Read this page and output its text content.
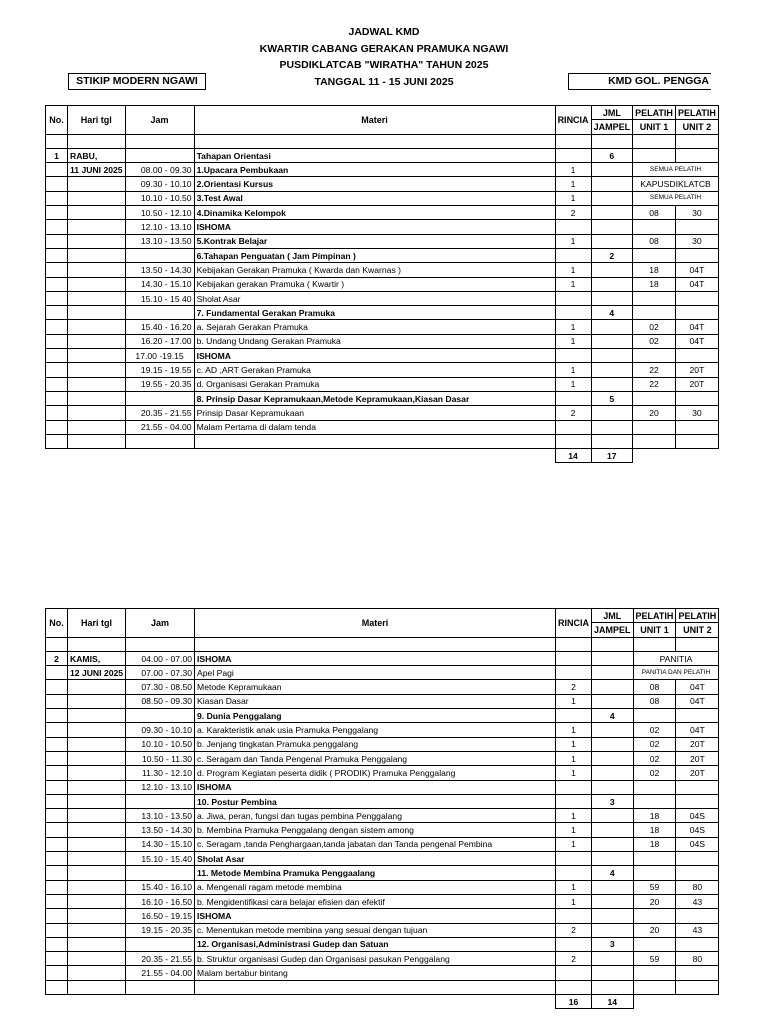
JADWAL KMD
KWARTIR CABANG GERAKAN PRAMUKA NGAWI
PUSDIKLATCAB "WIRATHA" TAHUN 2025
TANGGAL 11 - 15 JUNI 2025
STIKIP MODERN NGAWI	KMD GOL. PENGGA
No.	Hari tgl	Jam	Materi	RINCIA	JML	PELATIH	PELATIH
					JAMPEL	UNIT 1	UNIT 2

1	RABU,		Tahapan Orientasi		6		
	11 JUNI 2025	08.00 - 09.30	1.Upacara Pembukaan	1		SEMUA PELATIH	
		09.30 - 10.10	2.Orientasi Kursus	1		KAPUSDIKLATCB	
		10.10 - 10.50	3.Test Awal	1		SEMUA PELATIH	
		10.50 - 12.10	4.Dinamika Kelompok	2		08	30
		12.10 - 13.10	ISHOMA				
		13.10 - 13.50	5.Kontrak Belajar	1		08	30
			6.Tahapan Penguatan ( Jam Pimpinan )		2		
		13.50 - 14.30	Kebijakan Gerakan Pramuka ( Kwarda dan Kwarnas )	1		18	04T
		14.30 - 15.10	Kebijakan gerakan Pramuka ( Kwartir )	1		18	04T
		15.10 - 15 40	Sholat Asar				
			7. Fundamental Gerakan Pramuka		4		
		15.40 - 16.20	a. Sejarah Gerakan Pramuka	1		02	04T
		16.20 - 17.00	b. Undang Undang Gerakan Pramuka	1		02	04T
		17.00 -19.15	ISHOMA				
		19.15 - 19.55	c. AD ,ART Gerakan Pramuka	1		22	20T
		19.55 - 20.35	d. Organisasi Gerakan Pramuka	1		22	20T
			8. Prinsip Dasar Kepramukaan,Metode Kepramukaan,Kiasan Dasar		5		
		20.35 - 21.55	Prinsip Dasar Kepramukaan	2		20	30
		21.55 - 04.00	Malam Pertama di dalam tenda				

				14	17		
No.	Hari tgl	Jam	Materi	RINCIA	JML	PELATIH	PELATIH
					JAMPEL	UNIT 1	UNIT 2

2	KAMIS,	04.00 - 07.00	ISHOMA			PANITIA	
	12 JUNI 2025	07.00 - 07.30	Apel Pagi			PANITIA DAN PELATIH	
		07.30 - 08.50	Metode Kepramukaan	2		08	04T
		08.50 - 09.30	Kiasan Dasar	1		08	04T
			9. Dunia Penggalang		4		
		09.30 - 10.10	a. Karakteristik anak usia Pramuka Penggalang	1		02	04T
		10.10 - 10.50	b. Jenjang tingkatan Pramuka penggalang	1		02	20T
		10.50 - 11.30	c. Seragam dan Tanda Pengenal Pramuka Penggalang	1		02	20T
		11.30 - 12.10	d. Program Kegiatan peserta didik ( PRODIK) Pramuka Penggalang	1		02	20T
		12.10 - 13.10	ISHOMA				
			10. Postur Pembina		3		
		13.10 - 13.50	a. Jiwa, peran, fungsi dan tugas pembina Penggalang	1		18	04S
		13.50 - 14.30	b. Membina Pramuka Penggalang dengan sistem among	1		18	04S
		14.30 - 15.10	c. Seragam ,tanda Penghargaan,tanda jabatan dan Tanda pengenal Pembina	1		18	04S
		15.10 - 15.40	Sholat Asar				
			11. Metode Membina Pramuka Penggaalang		4		
		15.40 - 16.10	a. Mengenali ragam metode membina	1		59	80
		16.10 - 16.50	b. Mengidentifikasi cara belajar efisien dan efektif	1		20	43
		16.50 - 19.15	ISHOMA				
		19.15 - 20.35	c. Menentukan metode membina yang sesuai dengan tujuan	2		20	43
			12. Organisasi,Administrasi Gudep dan Satuan		3		
		20.35 - 21.55	b. Struktur organisasi Gudep dan Organisasi pasukan Penggalang	2		59	80
		21.55 - 04.00	Malam bertabur bintang				

				16	14		
